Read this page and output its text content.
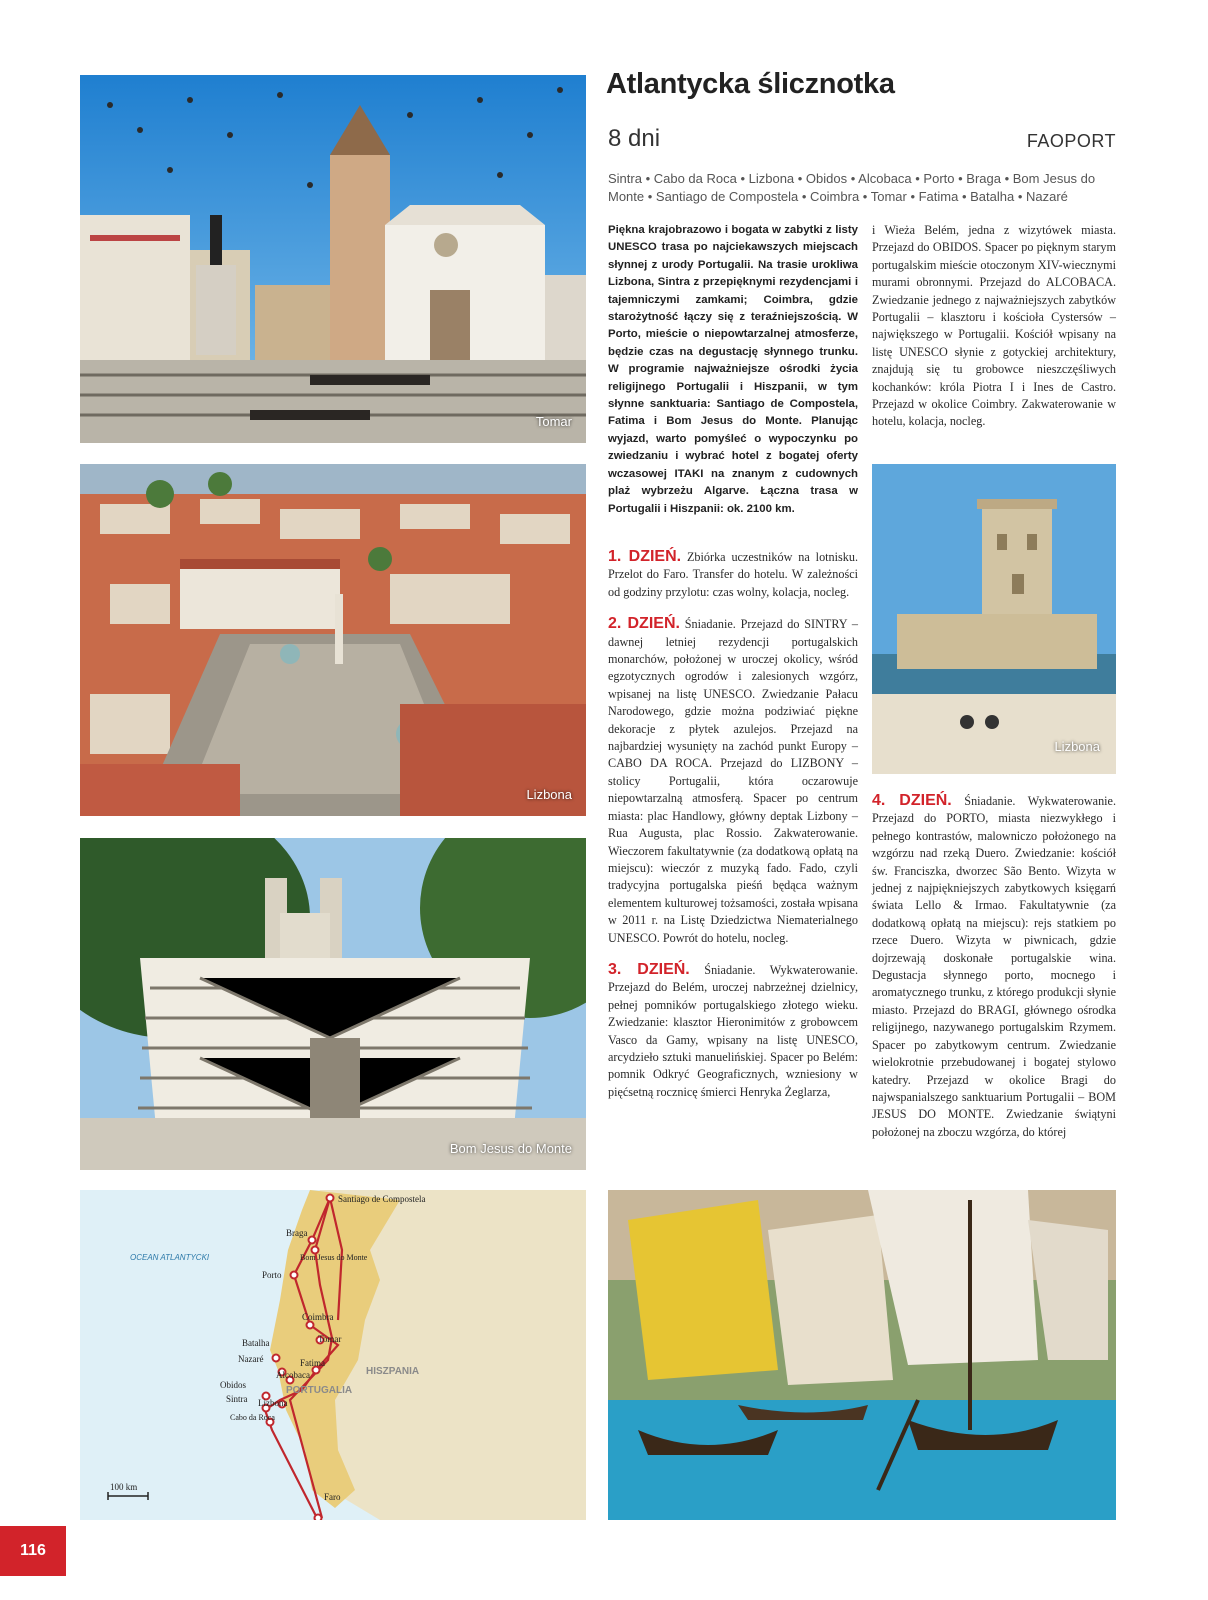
Tomar
Lizbona
Bom Jesus do Monte
Santiago de Compostela
Braga
Bom Jesus do Monte
Porto
Coimbra
Tomar
Batalha
Nazaré	Fatima
Alcobaca
Obidos
Sintra Lizbona
Cabo da Roca
Faro
OCEAN ATLANTYCKI
PORTUGALIA
HISZPANIA
100 km
Atlantycka ślicznotka
8 dni	FAOPORT
Sintra • Cabo da Roca • Lizbona • Obidos • Alcobaca • Porto • Braga • Bom Jesus do Monte • Santiago de Compostela • Coimbra • Tomar • Fatima • Batalha • Nazaré
Piękna krajobrazowo i bogata w zabytki z listy UNESCO trasa po najciekawszych miejscach słynnej z urody Portugalii. Na trasie urokliwa Lizbona, Sintra z przepięknymi rezydencjami i tajemniczymi zamkami; Coimbra, gdzie starożytność łączy się z teraźniejszością. W Porto, mieście o niepowtarzalnej atmosferze, będzie czas na degustację słynnego trunku. W programie najważniejsze ośrodki życia religijnego Portugalii i Hiszpanii, w tym słynne sanktuaria: Santiago de Compostela, Fatima i Bom Jesus do Monte. Planując wyjazd, warto pomyśleć o wypoczynku po zwiedzaniu i wybrać hotel z bogatej oferty wczasowej ITAKI na znanym z cudownych plaż wybrzeżu Algarve. Łączna trasa w Portugalii i Hiszpanii: ok. 2100 km.
1. DZIEŃ. Zbiórka uczestników na lotnisku. Przelot do Faro. Transfer do hotelu. W zależności od godziny przylotu: czas wolny, kolacja, nocleg.
2. DZIEŃ. Śniadanie. Przejazd do SINTRY – dawnej letniej rezydencji portugalskich monarchów, położonej w uroczej okolicy, wśród egzotycznych ogrodów i zalesionych wzgórz, wpisanej na listę UNESCO. Zwiedzanie Pałacu Narodowego, gdzie można podziwiać piękne dekoracje z płytek azulejos. Przejazd na najbardziej wysunięty na zachód punkt Europy – CABO DA ROCA. Przejazd do LIZBONY – stolicy Portugalii, która oczarowuje niepowtarzalną atmosferą. Spacer po centrum miasta: plac Handlowy, główny deptak Lizbony – Rua Augusta, plac Rossio. Zakwaterowanie. Wieczorem fakultatywnie (za dodatkową opłatą na miejscu): wieczór z muzyką fado. Fado, czyli tradycyjna portugalska pieśń będąca ważnym elementem kulturowej tożsamości, została wpisana w 2011 r. na Listę Dziedzictwa Niematerialnego UNESCO. Powrót do hotelu, nocleg.
3. DZIEŃ. Śniadanie. Wykwaterowanie. Przejazd do Belém, uroczej nabrzeżnej dzielnicy, pełnej pomników portugalskiego złotego wieku. Zwiedzanie: klasztor Hieronimitów z grobowcem Vasco da Gamy, wpisany na listę UNESCO, arcydzieło sztuki manuelińskiej. Spacer po Belém: pomnik Odkryć Geograficznych, wzniesiony w pięćsetną rocznicę śmierci Henryka Żeglarza,
i Wieża Belém, jedna z wizytówek miasta. Przejazd do OBIDOS. Spacer po pięknym starym portugalskim mieście otoczonym XIV-wiecznymi murami obronnymi. Przejazd do ALCOBACA. Zwiedzanie jednego z najważniejszych zabytków Portugalii – klasztoru i kościoła Cystersów – największego w Portugalii. Kościół wpisany na listę UNESCO słynie z gotyckiej architektury, znajdują się tu grobowce nieszczęśliwych kochanków: króla Piotra I i Ines de Castro. Przejazd w okolice Coimbry. Zakwaterowanie w hotelu, kolacja, nocleg.
Lizbona
4. DZIEŃ. Śniadanie. Wykwaterowanie. Przejazd do PORTO, miasta niezwykłego i pełnego kontrastów, malowniczo położonego na wzgórzu nad rzeką Duero. Zwiedzanie: kościół św. Franciszka, dworzec São Bento. Wizyta w jednej z najpiękniejszych zabytkowych księgarń świata Lello & Irmao. Fakultatywnie (za dodatkową opłatą na miejscu): rejs statkiem po rzece Duero. Wizyta w piwnicach, gdzie dojrzewają doskonałe portugalskie wina. Degustacja słynnego porto, mocnego i aromatycznego trunku, z którego produkcji słynie miasto. Przejazd do BRAGI, głównego ośrodka religijnego, nazywanego portugalskim Rzymem. Spacer po zabytkowym centrum. Zwiedzanie wielokrotnie przebudowanej i bogatej stylowo katedry. Przejazd w okolice Bragi do najwspanialszego sanktuarium Portugalii – BOM JESUS DO MONTE. Zwiedzanie świątyni położonej na zboczu wzgórza, do której
116
